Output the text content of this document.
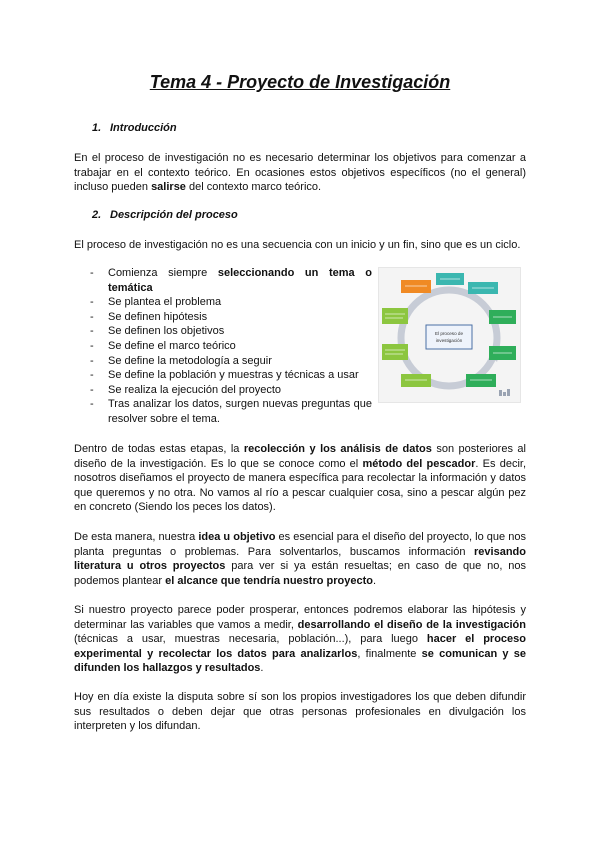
Tema 4 - Proyecto de Investigación
1. Introducción

En el proceso de investigación no es necesario determinar los objetivos para comenzar a trabajar en el contexto teórico. En ocasiones estos objetivos específicos (no el general) incluso pueden salirse del contexto marco teórico.

2. Descripción del proceso

El proceso de investigación no es una secuencia con un inicio y un fin, sino que es un ciclo.

- Comienza siempre seleccionando un tema o temática
- Se plantea el problema
- Se definen hipótesis
- Se definen los objetivos
- Se define el marco teórico
- Se define la metodología a seguir
- Se define la población y muestras y técnicas a usar
- Se realiza la ejecución del proyecto
- Tras analizar los datos, surgen nuevas preguntas que resolver sobre el tema.
El proceso de
investigación

Dentro de todas estas etapas, la recolección y los análisis de datos son posteriores al diseño de la investigación. Es lo que se conoce como el método del pescador. Es decir, nosotros diseñamos el proyecto de manera específica para recolectar la información y datos que queremos y no otra. No vamos al río a pescar cualquier cosa, sino a pescar algún pez en concreto (Siendo los peces los datos).

De esta manera, nuestra idea u objetivo es esencial para el diseño del proyecto, lo que nos planta preguntas o problemas. Para solventarlos, buscamos información revisando literatura u otros proyectos para ver si ya están resueltas; en caso de que no, nos podemos plantear el alcance que tendría nuestro proyecto.

Si nuestro proyecto parece poder prosperar, entonces podremos elaborar las hipótesis y determinar las variables que vamos a medir, desarrollando el diseño de la investigación (técnicas a usar, muestras necesaria, población...), para luego hacer el proceso experimental y recolectar los datos para analizarlos, finalmente se comunican y se difunden los hallazgos y resultados.

Hoy en día existe la disputa sobre sí son los propios investigadores los que deben difundir sus resultados o deben dejar que otras personas profesionales en divulgación los interpreten y los difundan.
